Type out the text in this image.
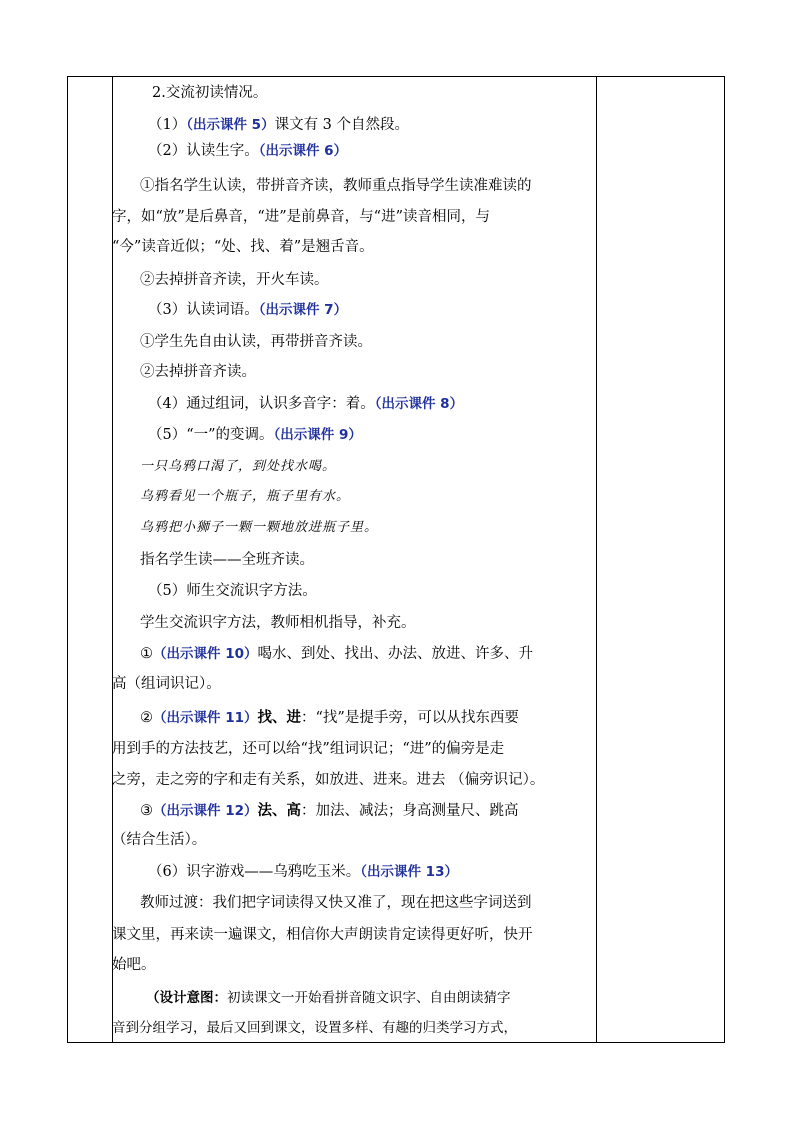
2.交流初读情况。
（1）（出示课件 5）课文有 3 个自然段。
（2）认读生字。（出示课件 6）
①指名学生认读，带拼音齐读，教师重点指导学生读准难读的
字，如“放”是后鼻音，“进”是前鼻音，与“进”读音相同，与
“今”读音近似；“处、找、着”是翘舌音。
②去掉拼音齐读，开火车读。
（3）认读词语。（出示课件 7）
①学生先自由认读，再带拼音齐读。
②去掉拼音齐读。
（4）通过组词，认识多音字：着。（出示课件 8）
（5）“一”的变调。（出示课件 9）
一只乌鸦口渴了，到处找水喝。
乌鸦看见一个瓶子，瓶子里有水。
乌鸦把小狮子一颗一颗地放进瓶子里。
指名学生读——全班齐读。
（5）师生交流识字方法。
学生交流识字方法，教师相机指导，补充。
①（出示课件 10）喝水、到处、找出、办法、放进、许多、升
高（组词识记）。
②（出示课件 11）找、进：“找”是提手旁，可以从找东西要
用到手的方法技艺，还可以给“找”组词识记；“进”的偏旁是走
之旁，走之旁的字和走有关系，如放进、进来。进去 （偏旁识记）。
③（出示课件 12）法、高：加法、减法；身高测量尺、跳高
（结合生活）。
（6）识字游戏——乌鸦吃玉米。（出示课件 13）
教师过渡：我们把字词读得又快又准了，现在把这些字词送到
课文里，再来读一遍课文，相信你大声朗读肯定读得更好听，快开
始吧。
（设计意图：初读课文一开始看拼音随文识字、自由朗读猜字
音到分组学习，最后又回到课文，设置多样、有趣的归类学习方式，
